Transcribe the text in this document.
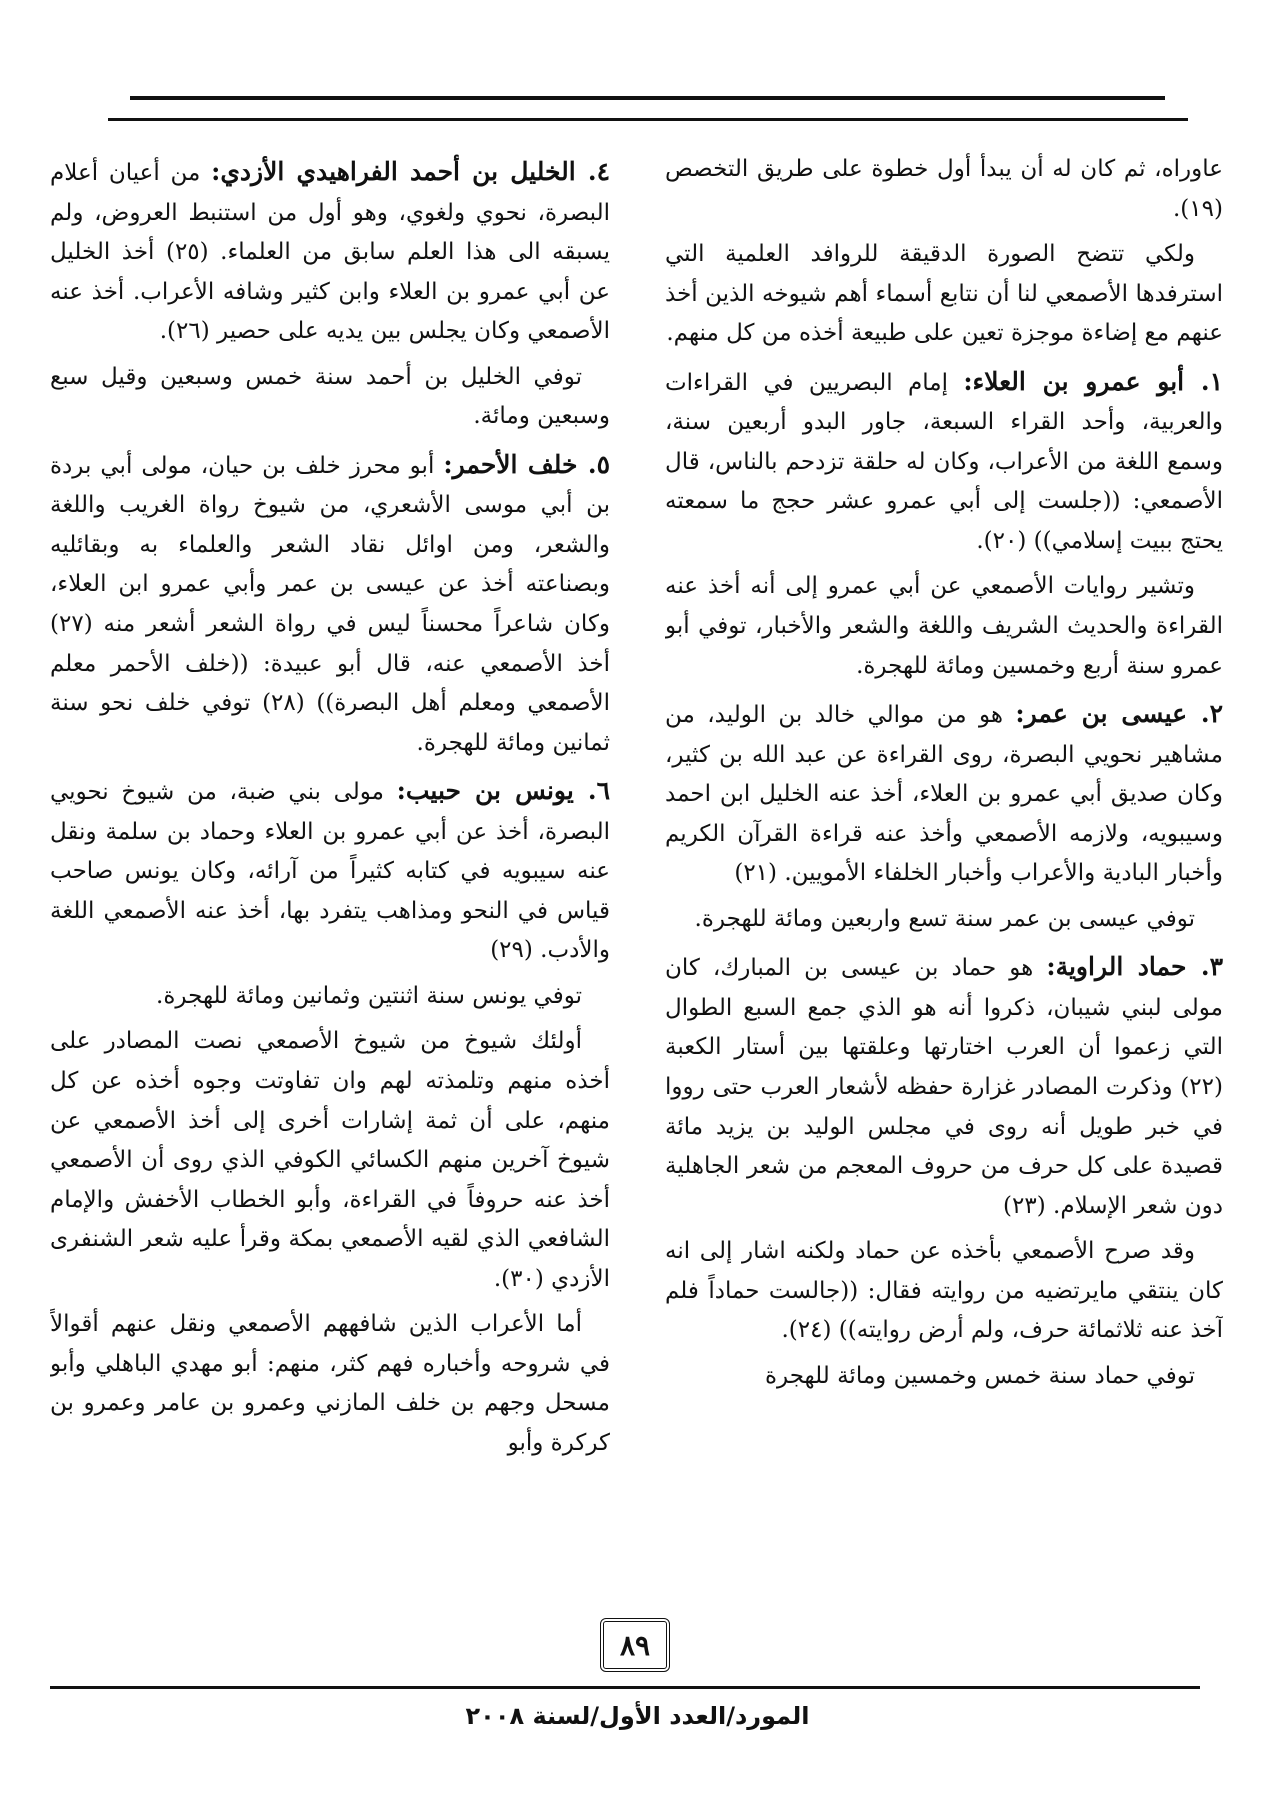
عاوراه، ثم كان له أن يبدأ أول خطوة على طريق التخصص (١٩).

ولكي تتضح الصورة الدقيقة للروافد العلمية التي استرفدها الأصمعي لنا أن نتابع أسماء أهم شيوخه الذين أخذ عنهم مع إضاءة موجزة تعين على طبيعة أخذه من كل منهم.

١. أبو عمرو بن العلاء: إمام البصريين في القراءات والعربية، وأحد القراء السبعة، جاور البدو أربعين سنة، وسمع اللغة من الأعراب، وكان له حلقة تزدحم بالناس، قال الأصمعي: ((جلست إلى أبي عمرو عشر حجج ما سمعته يحتج ببيت إسلامي)) (٢٠).

وتشير روايات الأصمعي عن أبي عمرو إلى أنه أخذ عنه القراءة والحديث الشريف واللغة والشعر والأخبار، توفي أبو عمرو سنة أربع وخمسين ومائة للهجرة.

٢. عيسى بن عمر: هو من موالي خالد بن الوليد، من مشاهير نحويي البصرة، روى القراءة عن عبد الله بن كثير، وكان صديق أبي عمرو بن العلاء، أخذ عنه الخليل ابن احمد وسيبويه، ولازمه الأصمعي وأخذ عنه قراءة القرآن الكريم وأخبار البادية والأعراب وأخبار الخلفاء الأمويين. (٢١)

توفي عيسى بن عمر سنة تسع واربعين ومائة للهجرة.

٣. حماد الراوية: هو حماد بن عيسى بن المبارك، كان مولى لبني شيبان، ذكروا أنه هو الذي جمع السبع الطوال التي زعموا أن العرب اختارتها وعلقتها بين أستار الكعبة (٢٢) وذكرت المصادر غزارة حفظه لأشعار العرب حتى رووا في خبر طويل أنه روى في مجلس الوليد بن يزيد مائة قصيدة على كل حرف من حروف المعجم من شعر الجاهلية دون شعر الإسلام. (٢٣)

وقد صرح الأصمعي بأخذه عن حماد ولكنه اشار إلى انه كان ينتقي مايرتضيه من روايته فقال: ((جالست حماداً فلم آخذ عنه ثلاثمائة حرف، ولم أرض روايته)) (٢٤).

توفي حماد سنة خمس وخمسين ومائة للهجرة

٤. الخليل بن أحمد الفراهيدي الأزدي: من أعيان أعلام البصرة، نحوي ولغوي، وهو أول من استنبط العروض، ولم يسبقه الى هذا العلم سابق من العلماء. (٢٥) أخذ الخليل عن أبي عمرو بن العلاء وابن كثير وشافه الأعراب. أخذ عنه الأصمعي وكان يجلس بين يديه على حصير (٢٦).

توفي الخليل بن أحمد سنة خمس وسبعين وقيل سبع وسبعين ومائة.

٥. خلف الأحمر: أبو محرز خلف بن حيان، مولى أبي بردة بن أبي موسى الأشعري، من شيوخ رواة الغريب واللغة والشعر، ومن اوائل نقاد الشعر والعلماء به وبقائليه وبصناعته أخذ عن عيسى بن عمر وأبي عمرو ابن العلاء، وكان شاعراً محسناً ليس في رواة الشعر أشعر منه (٢٧) أخذ الأصمعي عنه، قال أبو عبيدة: ((خلف الأحمر معلم الأصمعي ومعلم أهل البصرة)) (٢٨) توفي خلف نحو سنة ثمانين ومائة للهجرة.

٦. يونس بن حبيب: مولى بني ضبة، من شيوخ نحويي البصرة، أخذ عن أبي عمرو بن العلاء وحماد بن سلمة ونقل عنه سيبويه في كتابه كثيراً من آرائه، وكان يونس صاحب قياس في النحو ومذاهب يتفرد بها، أخذ عنه الأصمعي اللغة والأدب. (٢٩)

توفي يونس سنة اثنتين وثمانين ومائة للهجرة.

أولئك شيوخ من شيوخ الأصمعي نصت المصادر على أخذه منهم وتلمذته لهم وان تفاوتت وجوه أخذه عن كل منهم، على أن ثمة إشارات أخرى إلى أخذ الأصمعي عن شيوخ آخرين منهم الكسائي الكوفي الذي روى أن الأصمعي أخذ عنه حروفاً في القراءة، وأبو الخطاب الأخفش والإمام الشافعي الذي لقيه الأصمعي بمكة وقرأ عليه شعر الشنفرى الأزدي (٣٠).

أما الأعراب الذين شافههم الأصمعي ونقل عنهم أقوالاً في شروحه وأخباره فهم كثر، منهم: أبو مهدي الباهلي وأبو مسحل وجهم بن خلف المازني وعمرو بن عامر وعمرو بن كركرة وأبو

٨٩
المورد/العدد الأول/لسنة ٢٠٠٨
